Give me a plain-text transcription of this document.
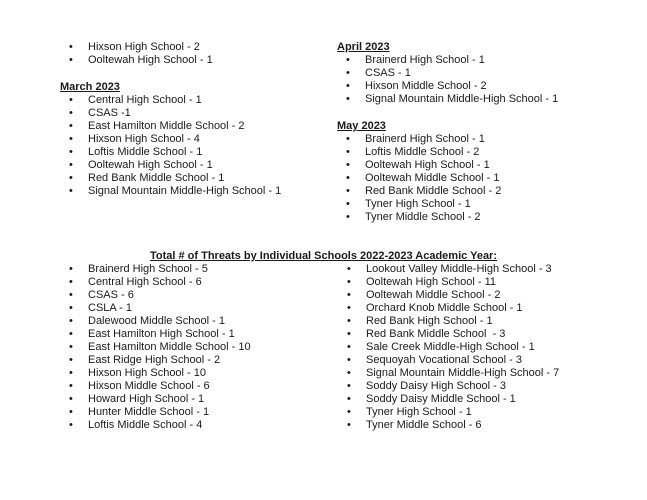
• Hixson High School - 2
• Ooltewah High School - 1
March 2023
• Central High School - 1
• CSAS -1
• East Hamilton Middle School - 2
• Hixson High School - 4
• Loftis Middle School - 1
• Ooltewah High School - 1
• Red Bank Middle School - 1
• Signal Mountain Middle-High School - 1
April 2023
• Brainerd High School - 1
• CSAS - 1
• Hixson Middle School - 2
• Signal Mountain Middle-High School - 1
May 2023
• Brainerd High School - 1
• Loftis Middle School - 2
• Ooltewah High School - 1
• Ooltewah Middle School - 1
• Red Bank Middle School - 2
• Tyner High School - 1
• Tyner Middle School - 2
Total # of Threats by Individual Schools 2022-2023 Academic Year:
• Brainerd High School - 5
• Central High School - 6
• CSAS - 6
• CSLA - 1
• Dalewood Middle School - 1
• East Hamilton High School - 1
• East Hamilton Middle School - 10
• East Ridge High School - 2
• Hixson High School - 10
• Hixson Middle School - 6
• Howard High School - 1
• Hunter Middle School - 1
• Loftis Middle School - 4
• Lookout Valley Middle-High School - 3
• Ooltewah High School - 11
• Ooltewah Middle School - 2
• Orchard Knob Middle School - 1
• Red Bank High School - 1
• Red Bank Middle School  - 3
• Sale Creek Middle-High School - 1
• Sequoyah Vocational School - 3
• Signal Mountain Middle-High School - 7
• Soddy Daisy High School - 3
• Soddy Daisy Middle School - 1
• Tyner High School - 1
• Tyner Middle School - 6
